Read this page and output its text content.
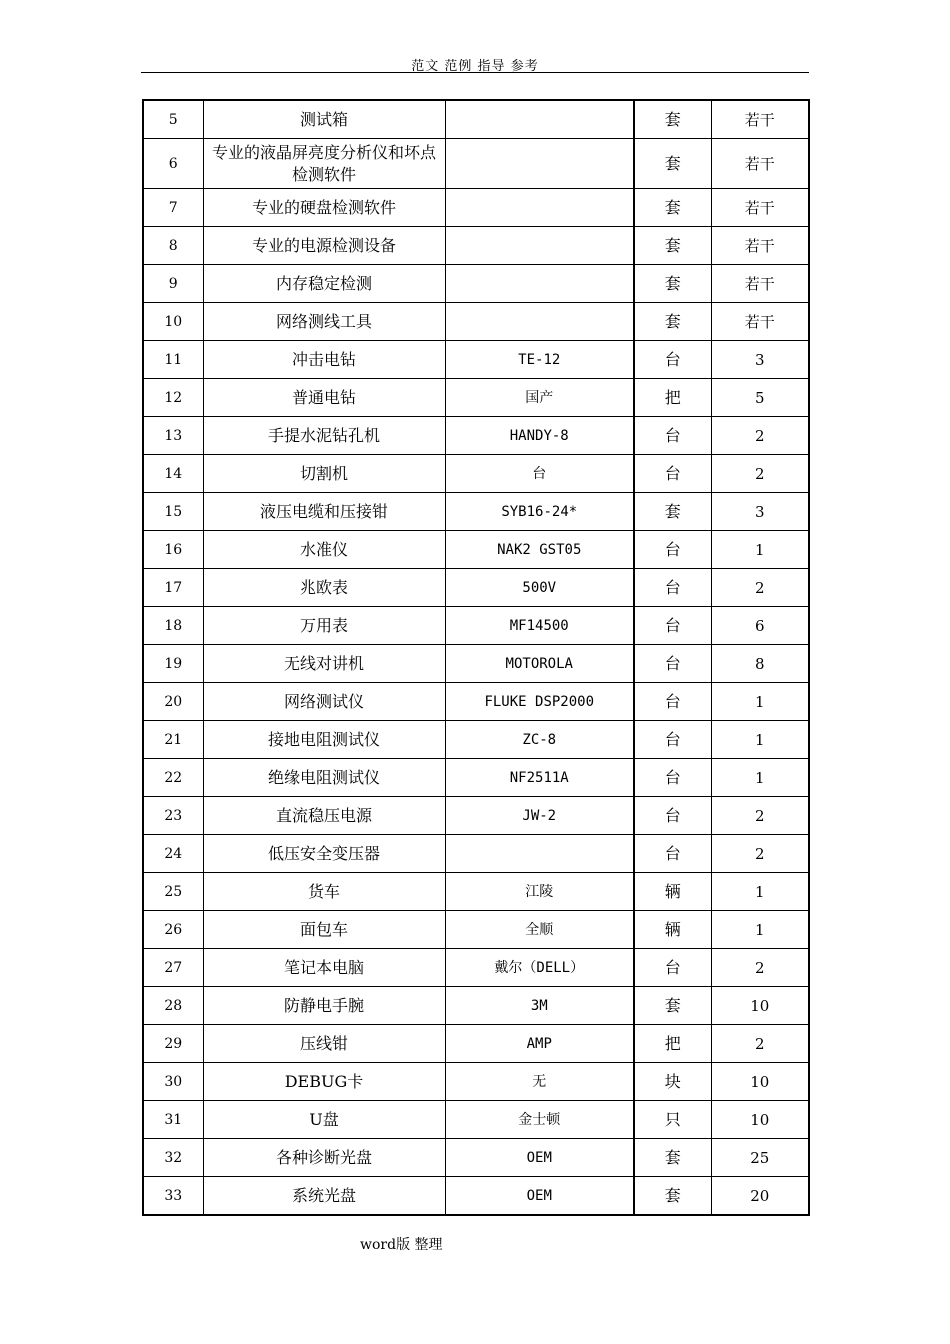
范文 范例 指导 参考
5	测试箱		套	若干
6	专业的液晶屏亮度分析仪和坏点检测软件		套	若干
7	专业的硬盘检测软件		套	若干
8	专业的电源检测设备		套	若干
9	内存稳定检测		套	若干
10	网络测线工具		套	若干
11	冲击电钻	TE-12	台	3
12	普通电钻	国产	把	5
13	手提水泥钻孔机	HANDY-8	台	2
14	切割机	台	台	2
15	液压电缆和压接钳	SYB16-24*	套	3
16	水准仪	NAK2 GST05	台	1
17	兆欧表	500V	台	2
18	万用表	MF14500	台	6
19	无线对讲机	MOTOROLA	台	8
20	网络测试仪	FLUKE DSP2000	台	1
21	接地电阻测试仪	ZC-8	台	1
22	绝缘电阻测试仪	NF2511A	台	1
23	直流稳压电源	JW-2	台	2
24	低压安全变压器		台	2
25	货车	江陵	辆	1
26	面包车	全顺	辆	1
27	笔记本电脑	戴尔（DELL）	台	2
28	防静电手腕	3M	套	10
29	压线钳	AMP	把	2
30	DEBUG卡	无	块	10
31	U盘	金士顿	只	10
32	各种诊断光盘	OEM	套	25
33	系统光盘	OEM	套	20
word版 整理
